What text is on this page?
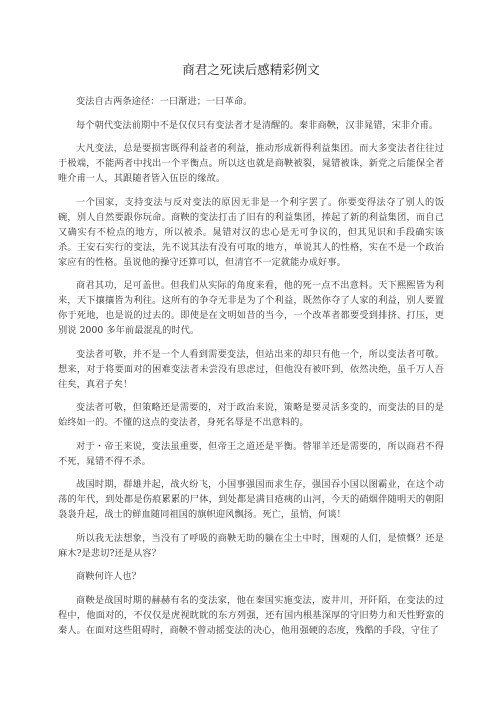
商君之死读后感精彩例文

变法自古两条途径：一曰渐进；一曰革命。

每个朝代变法前期中不是仅仅只有变法者才是清醒的。秦非商鞅，汉非晁错，宋非介甫。

大凡变法，总是要损害既得利益者的利益，推动形成新得利益集团。而大多变法者往往过于极端，不能两者中找出一个平衡点。所以这也就是商鞅被裂，晁错被诛，新党之后能保全者唯介甫一人，其跟随者皆入伍臣的缘故。

一个国家，支持变法与反对变法的原因无非是一个利字罢了。你要变得法夺了别人的饭碗，别人自然要跟你玩命。商鞅的变法打击了旧有的利益集团，捧起了新的利益集团，而自己又确实有不检点的地方，所以被杀。晁错对汉的忠心是无可争议的，但其见识和手段确实该杀。王安石实行的变法，先不说其法有没有可取的地方，单说其人的性格，实在不是一个政治家应有的性格。虽说他的操守还算可以，但清官不一定就能办成好事。

商君其功，足可盖世。但我们从实际的角度来看，他的死一点不出意料。天下熙熙皆为利来，天下攘攘皆为利往。这所有的争夺无非是为了个利益，既然你夺了人家的利益，别人要置你于死地，也是说的过去的。即使是在文明如昔的当今，一个改革者都要受到排挤、打压，更别说 2000 多年前最混乱的时代。

变法者可敬，并不是一个人看到需要变法，但站出来的却只有他一个，所以变法者可敬。想来，对于将要面对的困难变法者未尝没有思虑过，但他没有被吓到，依然决绝，虽千万人吾往矣，真君子矣！

变法者可敬，但策略还是需要的，对于政治来说，策略是要灵活多变的，而变法的目的是始终如一的。不懂的这点的变法者，身死名辱是不出意料的。

对于・帝王来说，变法虽重要，但帝王之道还是平衡。替罪羊还是需要的，所以商君不得不死，晁错不得不杀。

战国时期，群雄并起，战火纷飞，小国事强国而求生存，强国吞小国以图霸业，在这个动荡的年代，到处都是伤痕累累的尸体，到处都是满目疮痍的山河，今天的硝烟伴随明天的朝阳袅袅升起，战士的鲜血随同祖国的旗帜迎风飘扬。死亡，虽悄，何谈！

所以我无法想象，当没有了呼吸的商鞅无助的躺在尘土中时，围观的人们，是愤慨？还是麻木?是悲切?还是从容？

商鞅何许人也？

商鞅是战国时期的赫赫有名的变法家，他在秦国实施变法，废井川，开阡陌，在变法的过程中，他面对的，不仅仅是虎视眈眈的东方列强，还有国内根基深厚的守旧势力和天性野蛮的秦人。在面对这些阻碍时，商鞅不曾动摇变法的决心，他用强硬的态度，残酷的手段，守住了
